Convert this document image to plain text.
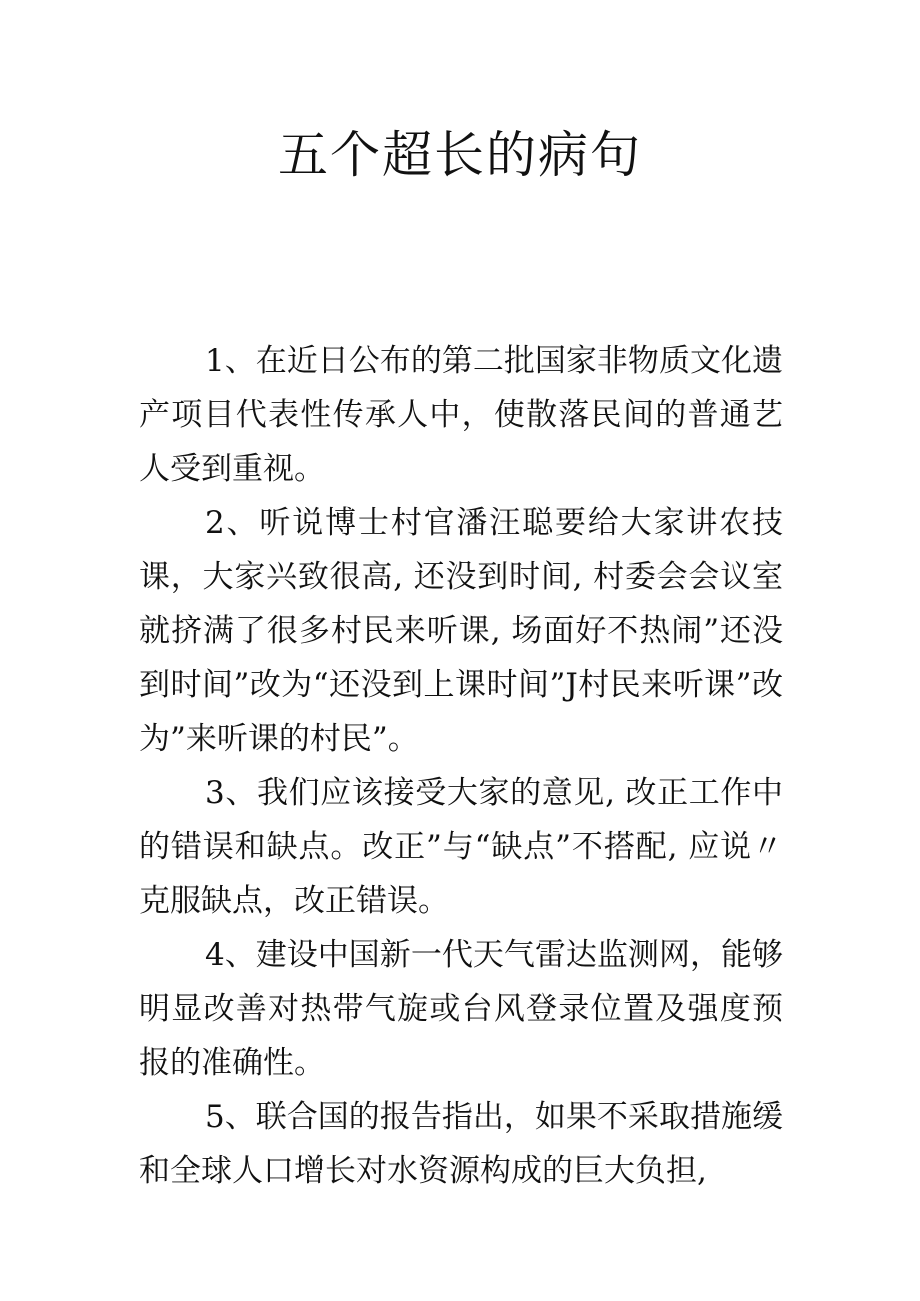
五个超长的病句

1、在近日公布的第二批国家非物质文化遗产项目代表性传承人中，使散落民间的普通艺人受到重视。

2、听说博士村官潘汪聪要给大家讲农技课，大家兴致很高, 还没到时间, 村委会会议室就挤满了很多村民来听课, 场面好不热闹”还没到时间”改为“还没到上课时间”J村民来听课”改为”来听课的村民”。

3、我们应该接受大家的意见, 改正工作中的错误和缺点。改正”与“缺点”不搭配, 应说〃克服缺点，改正错误。

4、建设中国新一代天气雷达监测网，能够明显改善对热带气旋或台风登录位置及强度预报的准确性。

5、联合国的报告指出，如果不采取措施缓和全球人口增长对水资源构成的巨大负担,
